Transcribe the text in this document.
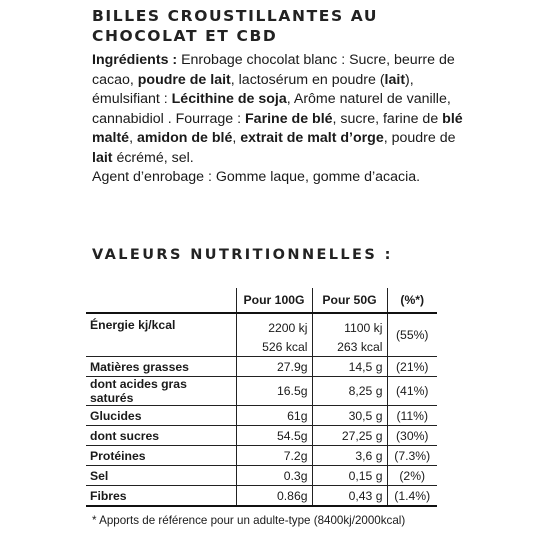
BILLES CROUSTILLANTES AU
CHOCOLAT ET CBD
Ingrédients : Enrobage chocolat blanc : Sucre, beurre de cacao, poudre de lait, lactosérum en poudre (lait), émulsifiant : Lécithine de soja, Arôme naturel de vanille, cannabidiol . Fourrage : Farine de blé, sucre, farine de blé malté, amidon de blé, extrait de malt d’orge, poudre de lait écrémé, sel.
Agent d’enrobage : Gomme laque, gomme d’acacia.
VALEURS NUTRITIONNELLES :
	Pour 100G	Pour 50G	(%*)
Énergie kj/kcal	2200 kj	1100 kj	(55%)
	526 kcal	263 kcal	
Matières grasses	27.9g	14,5 g	(21%)
dont acides gras saturés	16.5g	8,25 g	(41%)
Glucides	61g	30,5 g	(11%)
dont sucres	54.5g	27,25 g	(30%)
Protéines	7.2g	3,6 g	(7.3%)
Sel	0.3g	0,15 g	(2%)
Fibres	0.86g	0,43 g	(1.4%)
* Apports de référence pour un adulte-type (8400kj/2000kcal)
